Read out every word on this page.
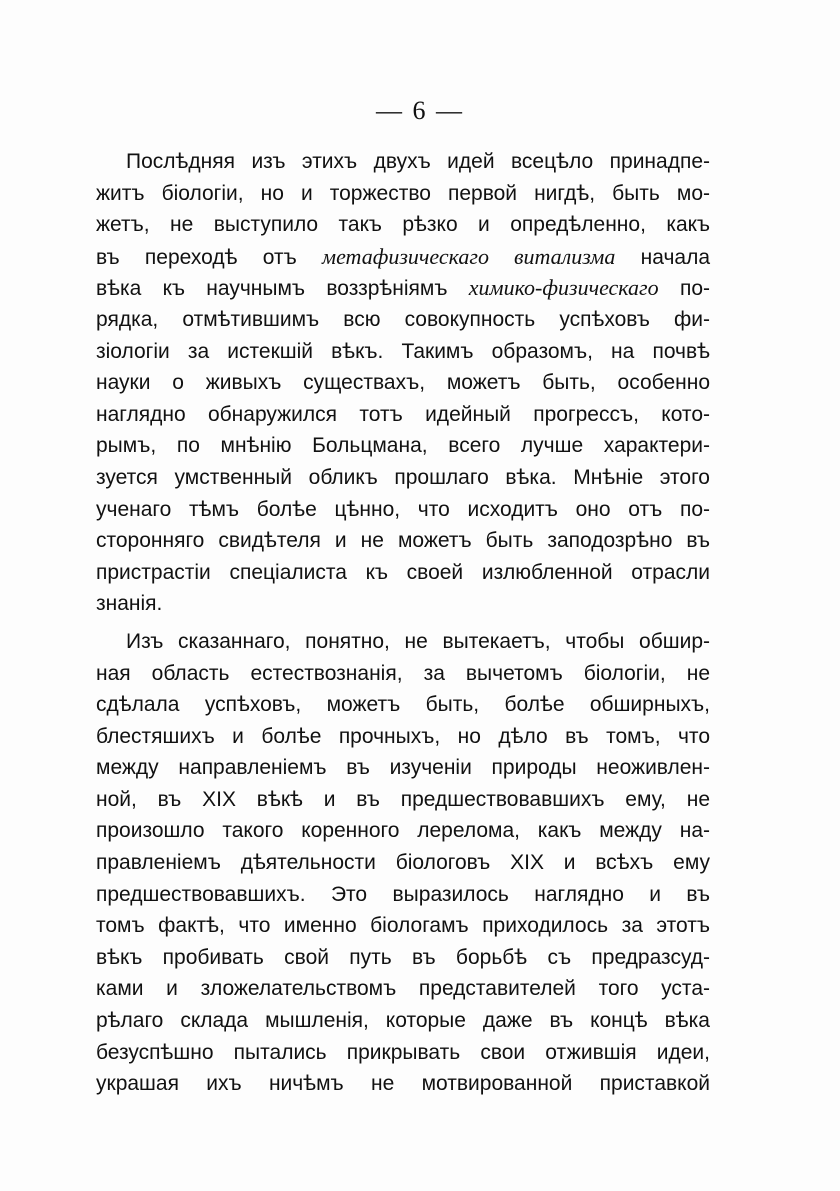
— 6 —
Послѣдняя изъ этихъ двухъ идей всецѣло принадпе-
житъ біологіи, но и торжество первой нигдѣ, быть мо-
жетъ, не выступило такъ рѣзко и опредѣленно, какъ
въ переходѣ отъ метафизическаго витализма начала
вѣка къ научнымъ воззрѣніямъ химико-физическаго по-
рядка, отмѣтившимъ всю совокупность успѣховъ фи-
зіологіи за истекшій вѣкъ. Такимъ образомъ, на почвѣ
науки о живыхъ существахъ, можетъ быть, особенно
наглядно обнаружился тотъ идейный прогрессъ, кото-
рымъ, по мнѣнію Больцмана, всего лучше характери-
зуется умственный обликъ прошлаго вѣка. Мнѣніе этого
ученаго тѣмъ болѣе цѣнно, что исходитъ оно отъ по-
сторонняго свидѣтеля и не можетъ быть заподозрѣно въ
пристрастіи спеціалиста къ своей излюбленной отрасли
знанія.
Изъ сказаннаго, понятно, не вытекаетъ, чтобы обшир-
ная область естествознанія, за вычетомъ біологіи, не
сдѣлала успѣховъ, можетъ быть, болѣе обширныхъ,
блестяшихъ и болѣе прочныхъ, но дѣло въ томъ, что
между направленіемъ въ изученіи природы неоживлен-
ной, въ XIX вѣкѣ и въ предшествовавшихъ ему, не
произошло такого коренного лерелома, какъ между на-
правленіемъ дѣятельности біологовъ XIX и всѣхъ ему
предшествовавшихъ. Это выразилось наглядно и въ
томъ фактѣ, что именно біологамъ приходилось за этотъ
вѣкъ пробивать свой путь въ борьбѣ съ предразсуд-
ками и зложелательствомъ представителей того уста-
рѣлаго склада мышленія, которые даже въ концѣ вѣка
безуспѣшно пытались прикрывать свои отжившія идеи,
украшая ихъ ничѣмъ не мотвированной приставкой
